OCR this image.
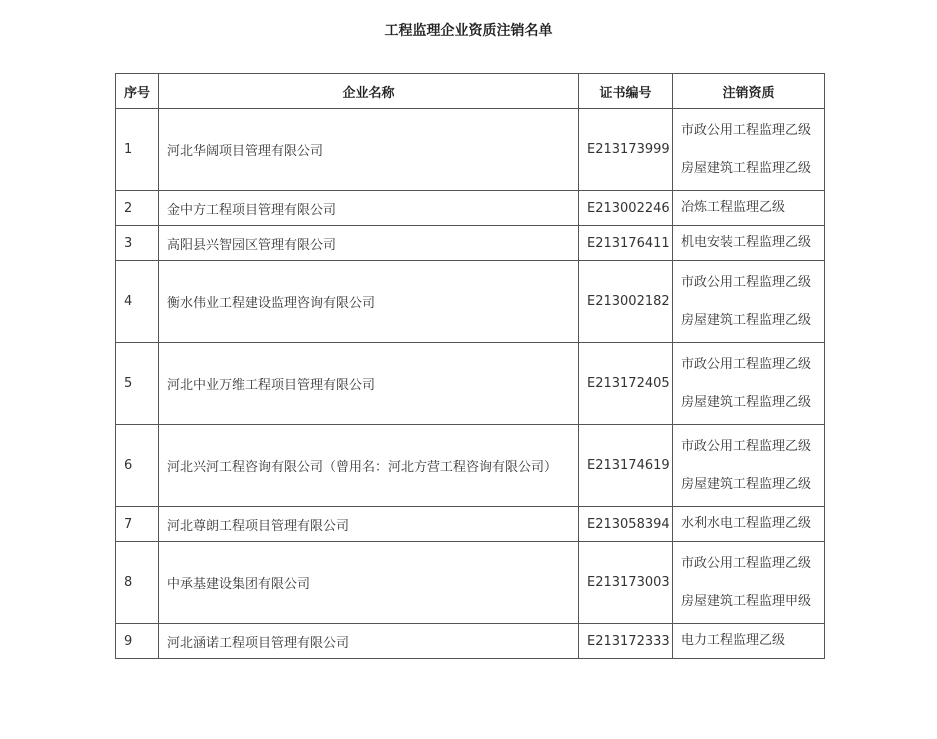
工程监理企业资质注销名单
序号	企业名称	证书编号	注销资质
1	河北华阔项目管理有限公司	E213173999	市政公用工程监理乙级
房屋建筑工程监理乙级

2	金中方工程项目管理有限公司	E213002246	冶炼工程监理乙级

3	高阳县兴智园区管理有限公司	E213176411	机电安装工程监理乙级

4	衡水伟业工程建设监理咨询有限公司	E213002182	市政公用工程监理乙级
房屋建筑工程监理乙级

5	河北中业万维工程项目管理有限公司	E213172405	市政公用工程监理乙级
房屋建筑工程监理乙级

6	河北兴河工程咨询有限公司（曾用名：河北方营工程咨询有限公司）	E213174619	市政公用工程监理乙级
房屋建筑工程监理乙级

7	河北尊朗工程项目管理有限公司	E213058394	水利水电工程监理乙级

8	中承基建设集团有限公司	E213173003	市政公用工程监理乙级
房屋建筑工程监理甲级

9	河北涵诺工程项目管理有限公司	E213172333	电力工程监理乙级
